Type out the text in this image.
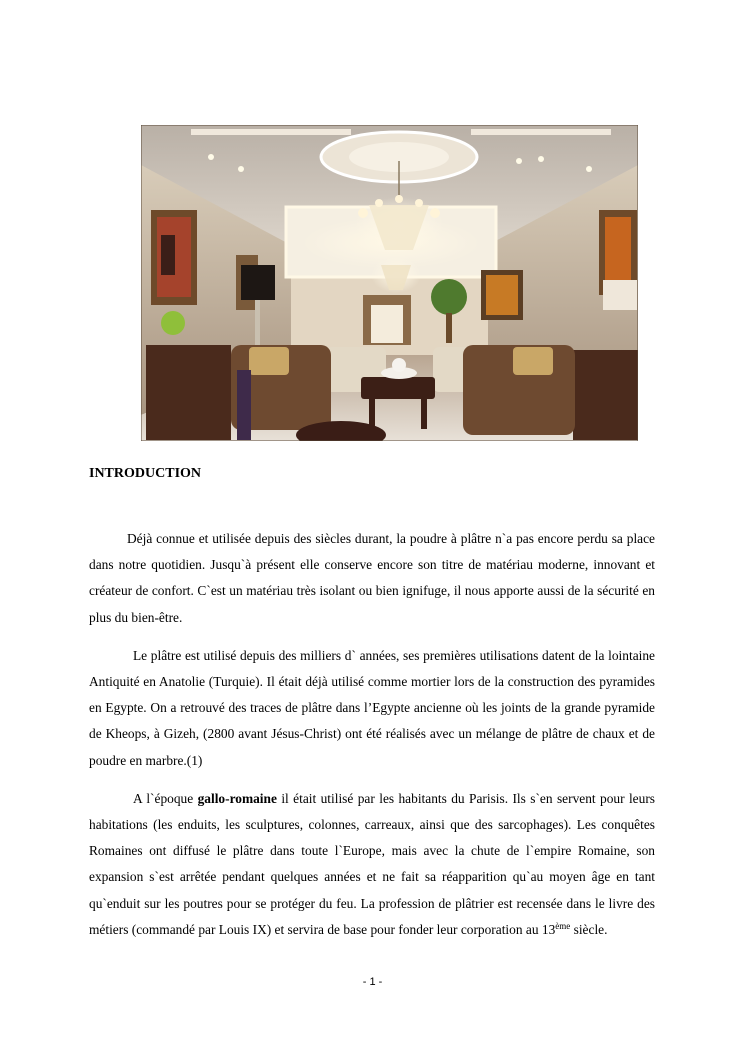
INTRODUCTION

Déjà connue et utilisée depuis des siècles durant, la poudre à plâtre n`a pas encore perdu sa place dans notre quotidien. Jusqu`à présent elle conserve encore son titre de matériau moderne, innovant et créateur de confort. C`est un matériau très isolant ou bien ignifuge, il nous apporte aussi de la sécurité en plus du bien-être.

Le plâtre est utilisé depuis des milliers d` années, ses premières utilisations datent de la lointaine Antiquité en Anatolie (Turquie). Il était déjà utilisé comme mortier lors de la construction des pyramides en Egypte. On a retrouvé des traces de plâtre dans l’Egypte ancienne où les joints de la grande pyramide de Kheops, à Gizeh, (2800 avant Jésus-Christ) ont été réalisés avec un mélange de plâtre de chaux et de poudre en marbre.(1)

A l`époque gallo-romaine il était utilisé par les habitants du Parisis. Ils s`en servent pour leurs habitations (les enduits, les sculptures, colonnes, carreaux, ainsi que des sarcophages). Les conquêtes Romaines ont diffusé le plâtre dans toute l`Europe, mais avec la chute de l`empire Romaine, son expansion s`est arrêtée pendant quelques années et ne fait sa réapparition qu`au moyen âge en tant qu`enduit sur les poutres pour se protéger du feu. La profession de plâtrier est recensée dans le livre des métiers (commandé par Louis IX) et servira de base pour fonder leur corporation au 13ème siècle.

- 1 -
